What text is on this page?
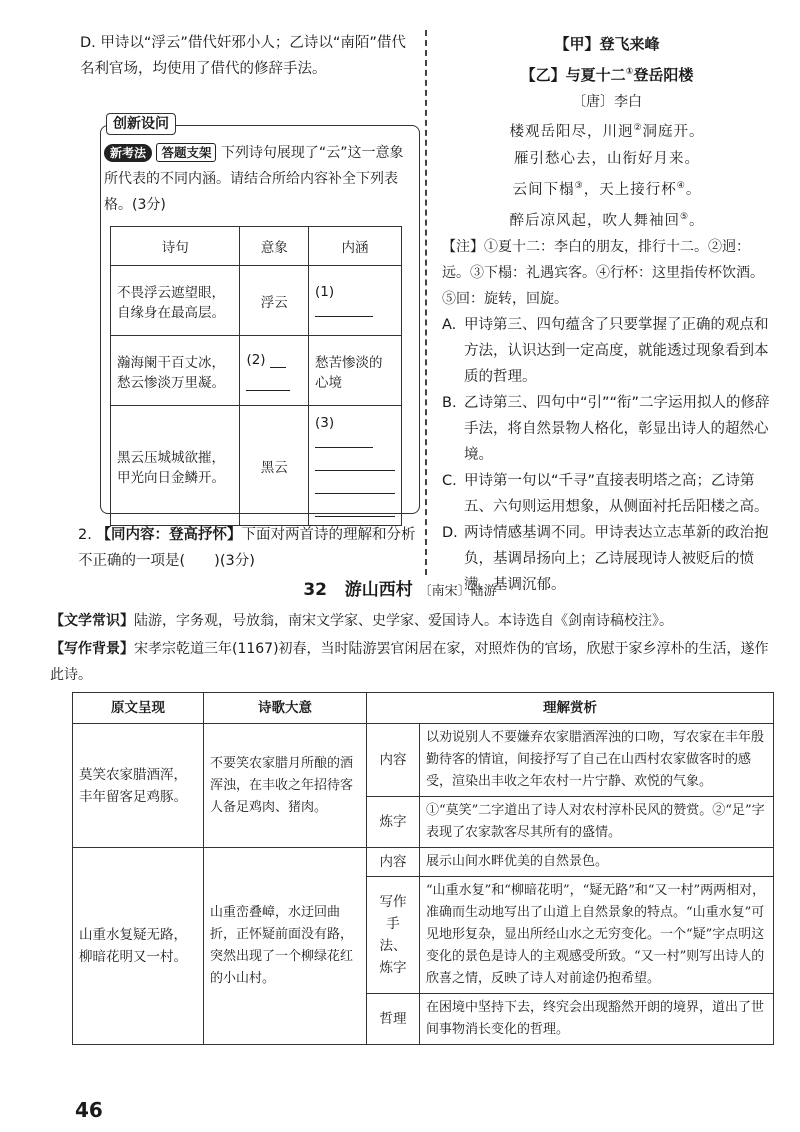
D. 甲诗以“浮云”借代奸邪小人；乙诗以“南陌”借代名利官场，均使用了借代的修辞手法。

创新设问

新考法 答题支架 下列诗句展现了“云”这一意象所代表的不同内涵。请结合所给内容补全下列表格。(3分)

诗句	意象	内涵
不畏浮云遮望眼，自缘身在最高层。	浮云	(1)
瀚海阑干百丈冰，愁云惨淡万里凝。	(2)	愁苦惨淡的心境
黑云压城城欲摧，甲光向日金鳞开。	黑云	(3)

2. 【同内容：登高抒怀】下面对两首诗的理解和分析不正确的一项是(　　)(3分)

【甲】登飞来峰
【乙】与夏十二①登岳阳楼
〔唐〕李白
楼观岳阳尽，川迥②洞庭开。
雁引愁心去，山衔好月来。
云间下榻③，天上接行杯④。
醉后凉风起，吹人舞袖回⑤。

【注】①夏十二：李白的朋友，排行十二。②迥：远。③下榻：礼遇宾客。④行杯：这里指传杯饮酒。⑤回：旋转，回旋。

A. 甲诗第三、四句蕴含了只要掌握了正确的观点和方法，认识达到一定高度，就能透过现象看到本质的哲理。
B. 乙诗第三、四句中“引”“衔”二字运用拟人的修辞手法，将自然景物人格化，彰显出诗人的超然心境。
C. 甲诗第一句以“千寻”直接表明塔之高；乙诗第五、六句则运用想象，从侧面衬托岳阳楼之高。
D. 两诗情感基调不同。甲诗表达立志革新的政治抱负，基调昂扬向上；乙诗展现诗人被贬后的愤懑，基调沉郁。
32 游山西村 〔南宋〕陆游
【文学常识】陆游，字务观，号放翁，南宋文学家、史学家、爱国诗人。本诗选自《剑南诗稿校注》。
【写作背景】宋孝宗乾道三年(1167)初春，当时陆游罢官闲居在家，对照炸伪的官场，欣慰于家乡淳朴的生活，遂作此诗。
原文呈现	诗歌大意	理解赏析	
莫笑农家腊酒浑，丰年留客足鸡豚。	不要笑农家腊月所酿的酒浑浊，在丰收之年招待客人备足鸡肉、猪肉。	内容	以劝说别人不要嫌弃农家腊酒浑浊的口吻，写农家在丰年殷勤待客的情谊，间接抒写了自己在山西村农家做客时的感受，渲染出丰收之年农村一片宁静、欢悦的气象。
		炼字	①“莫笑”二字道出了诗人对农村淳朴民风的赞赏。②“足”字表现了农家款客尽其所有的盛情。
山重水复疑无路，柳暗花明又一村。	山重峦叠嶂，水迂回曲折，正怀疑前面没有路，突然出现了一个柳绿花红的小山村。	内容	展示山间水畔优美的自然景色。
		写作手法、炼字	“山重水复”和“柳暗花明”，“疑无路”和“又一村”两两相对，准确而生动地写出了山道上自然景象的特点。“山重水复”可见地形复杂，显出所经山水之无穷变化。一个“疑”字点明这变化的景色是诗人的主观感受所致。“又一村”则写出诗人的欣喜之情，反映了诗人对前途仍抱希望。
		哲理	在困境中坚持下去，终究会出现豁然开朗的境界，道出了世间事物消长变化的哲理。
46
